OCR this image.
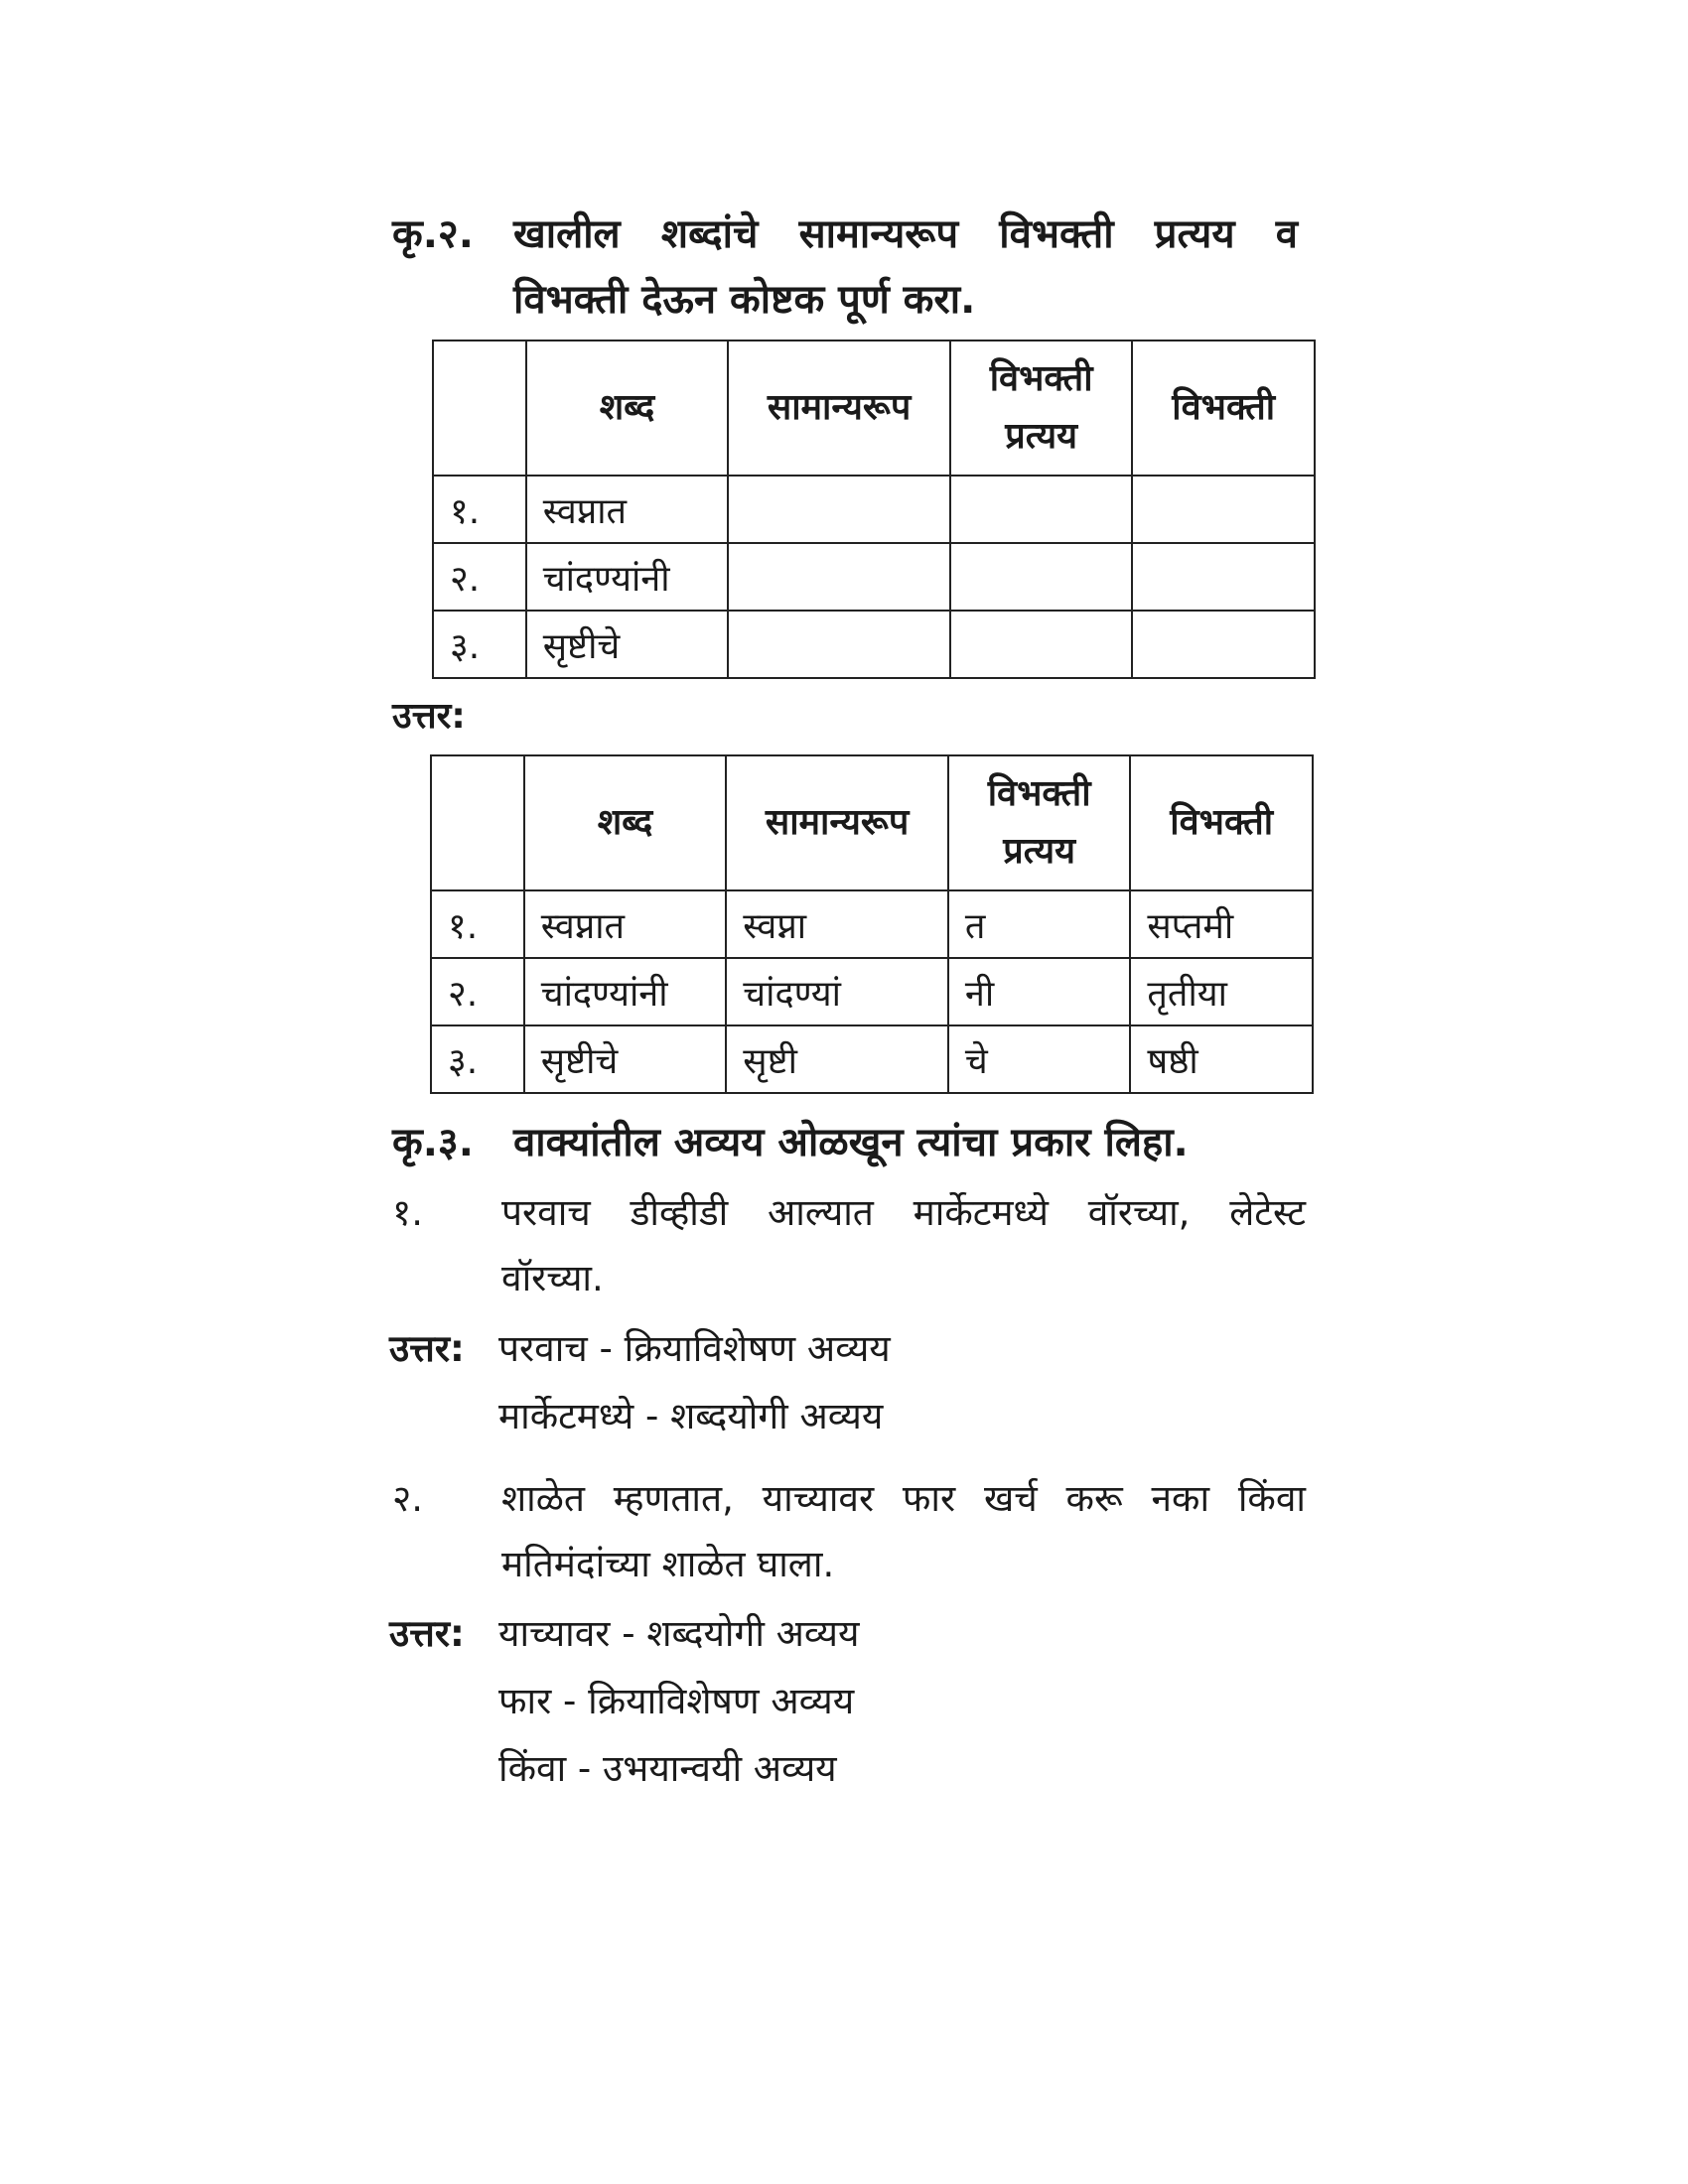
कृ.२. खालील शब्दांचे सामान्यरूप विभक्ती प्रत्यय व
विभक्ती देऊन कोष्टक पूर्ण करा.
	शब्द	सामान्यरूप	विभक्ती प्रत्यय	विभक्ती
१.	स्वप्नात			
२.	चांदण्यांनी			
३.	सृष्टीचे			
उत्तर:
	शब्द	सामान्यरूप	विभक्ती प्रत्यय	विभक्ती
१.	स्वप्नात	स्वप्ना	त	सप्तमी
२.	चांदण्यांनी	चांदण्यां	नी	तृतीया
३.	सृष्टीचे	सृष्टी	चे	षष्ठी
कृ.३. वाक्यांतील अव्यय ओळखून त्यांचा प्रकार लिहा.
१. परवाच डीव्हीडी आल्यात मार्केटमध्ये वॉरच्या, लेटेस्ट
वॉरच्या.
उत्तर: परवाच - क्रियाविशेषण अव्यय
मार्केटमध्ये - शब्दयोगी अव्यय
२. शाळेत म्हणतात, याच्यावर फार खर्च करू नका किंवा
मतिमंदांच्या शाळेत घाला.
उत्तर: याच्यावर - शब्दयोगी अव्यय
फार - क्रियाविशेषण अव्यय
किंवा - उभयान्वयी अव्यय
